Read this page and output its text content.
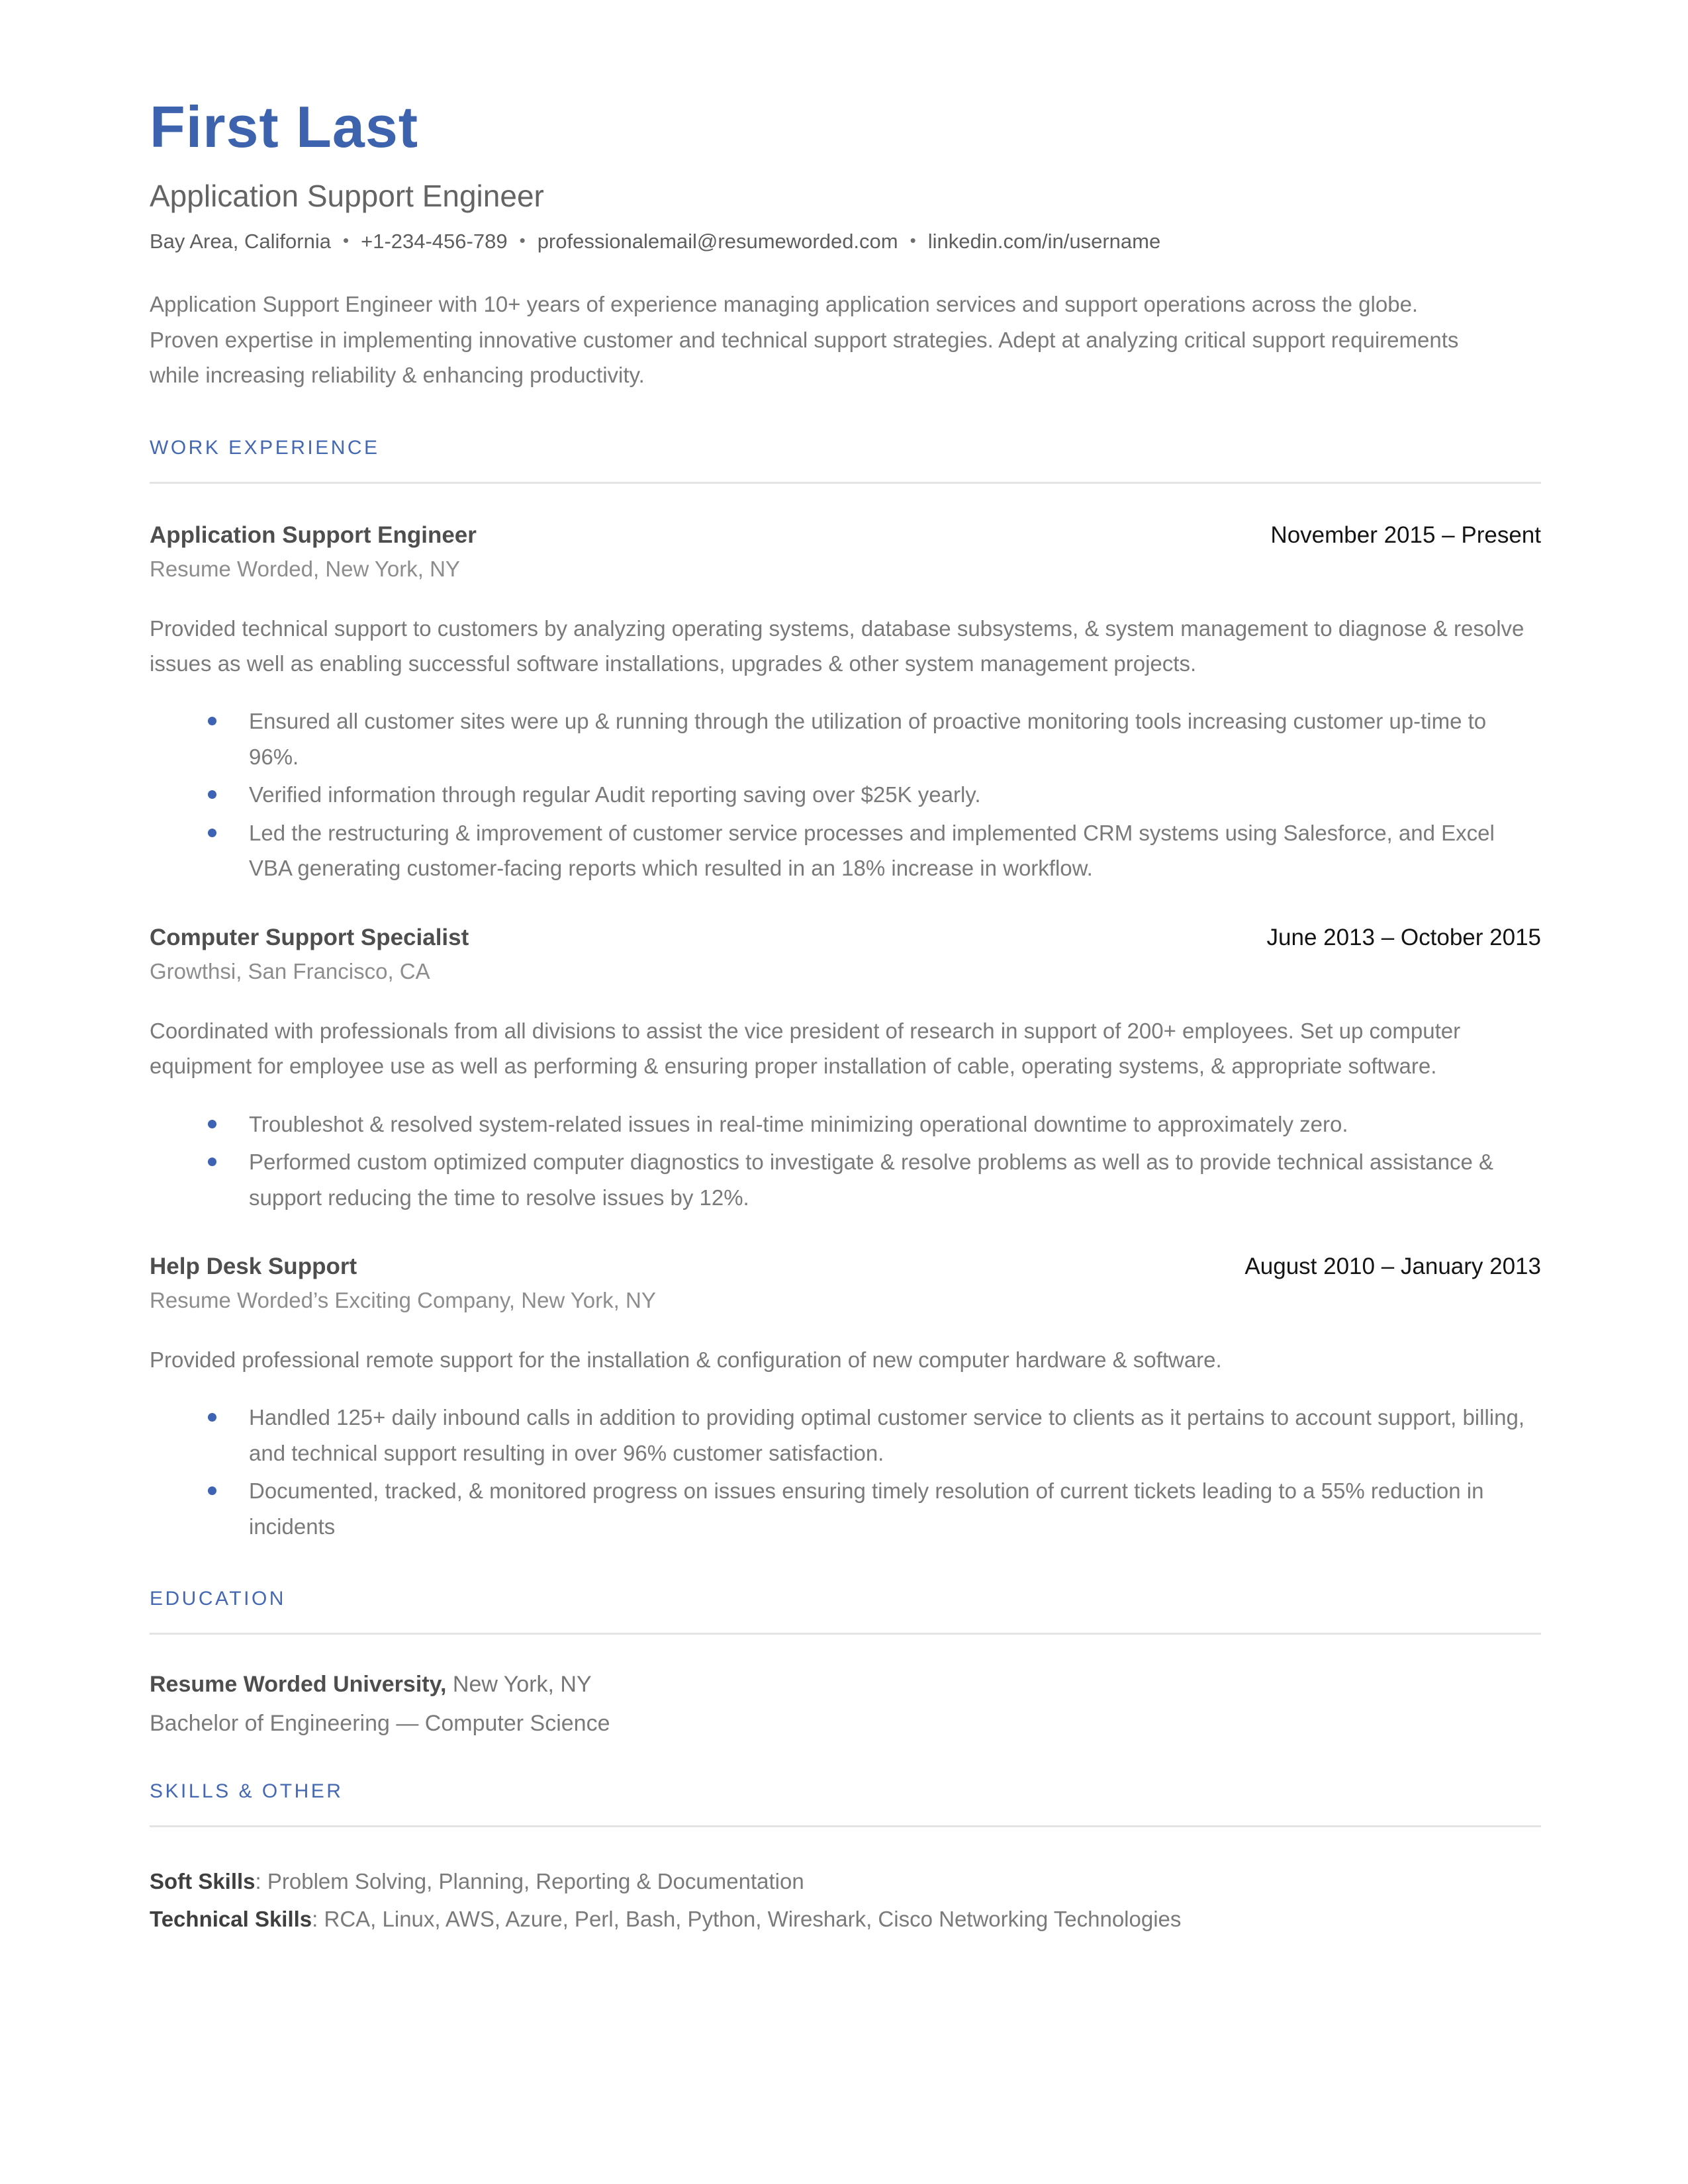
First Last
Application Support Engineer
Bay Area, California • +1-234-456-789 • professionalemail@resumeworded.com • linkedin.com/in/username

Application Support Engineer with 10+ years of experience managing application services and support operations across the globe. Proven expertise in implementing innovative customer and technical support strategies. Adept at analyzing critical support requirements while increasing reliability & enhancing productivity.

WORK EXPERIENCE
Application Support Engineer	November 2015 – Present
Resume Worded, New York, NY

Provided technical support to customers by analyzing operating systems, database subsystems, & system management to diagnose & resolve issues as well as enabling successful software installations, upgrades & other system management projects.

Ensured all customer sites were up & running through the utilization of proactive monitoring tools increasing customer up-time to 96%.
Verified information through regular Audit reporting saving over $25K yearly.
Led the restructuring & improvement of customer service processes and implemented CRM systems using Salesforce, and Excel VBA generating customer-facing reports which resulted in an 18% increase in workflow.
Computer Support Specialist	June 2013 – October 2015
Growthsi, San Francisco, CA

Coordinated with professionals from all divisions to assist the vice president of research in support of 200+ employees. Set up computer equipment for employee use as well as performing & ensuring proper installation of cable, operating systems, & appropriate software.

Troubleshot & resolved system-related issues in real-time minimizing operational downtime to approximately zero.
Performed custom optimized computer diagnostics to investigate & resolve problems as well as to provide technical assistance & support reducing the time to resolve issues by 12%.
Help Desk Support	August 2010 – January 2013
Resume Worded’s Exciting Company, New York, NY

Provided professional remote support for the installation & configuration of new computer hardware & software.

Handled 125+ daily inbound calls in addition to providing optimal customer service to clients as it pertains to account support, billing, and technical support resulting in over 96% customer satisfaction.
Documented, tracked, & monitored progress on issues ensuring timely resolution of current tickets leading to a 55% reduction in incidents
EDUCATION
Resume Worded University, New York, NY
Bachelor of Engineering — Computer Science
SKILLS & OTHER
Soft Skills: Problem Solving, Planning, Reporting & Documentation
Technical Skills: RCA, Linux, AWS, Azure, Perl, Bash, Python, Wireshark, Cisco Networking Technologies
